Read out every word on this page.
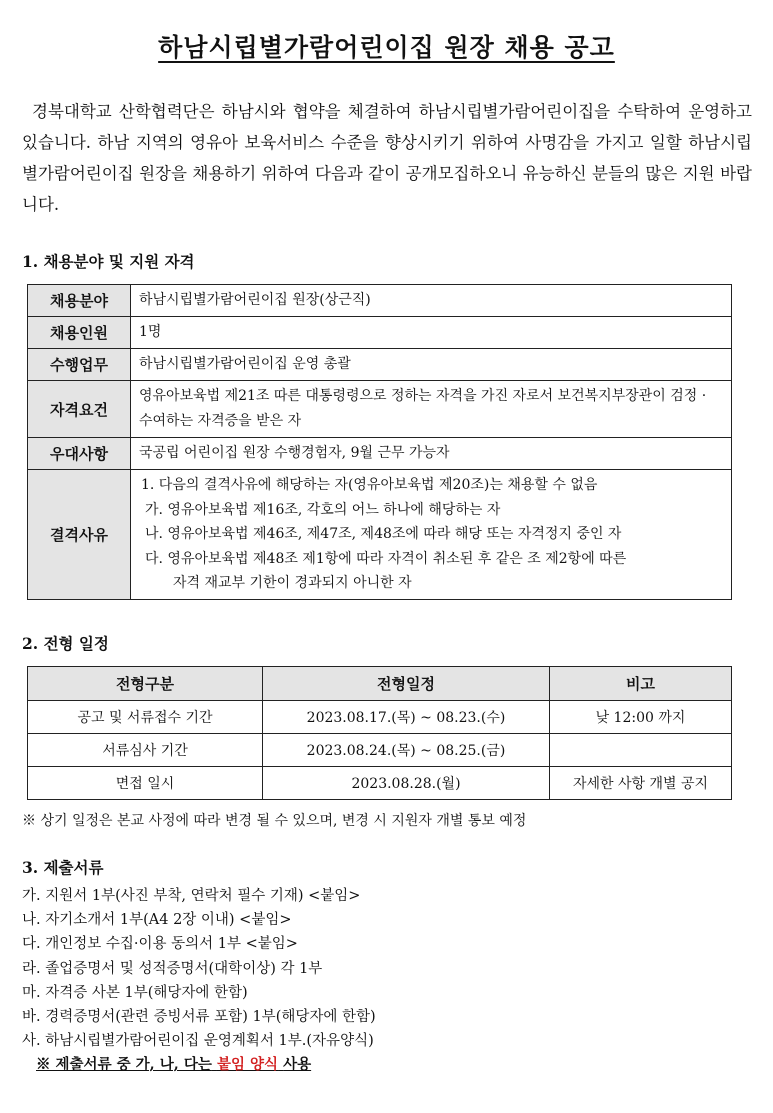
하남시립별가람어린이집 원장 채용 공고
경북대학교 산학협력단은 하남시와 협약을 체결하여 하남시립별가람어린이집을 수탁하여 운영하고 있습니다. 하남 지역의 영유아 보육서비스 수준을 향상시키기 위하여 사명감을 가지고 일할 하남시립별가람어린이집 원장을 채용하기 위하여 다음과 같이 공개모집하오니 유능하신 분들의 많은 지원 바랍니다.
1. 채용분야 및 지원 자격
채용분야	하남시립별가람어린이집 원장(상근직)
채용인원	1명
수행업무	하남시립별가람어린이집 운영 총괄
자격요건	영유아보육법 제21조 따른 대통령령으로 정하는 자격을 가진 자로서 보건복지부장관이 검정 · 수여하는 자격증을 받은 자
우대사항	국공립 어린이집 원장 수행경험자, 9월 근무 가능자
결격사유	1. 다음의 결격사유에 해당하는 자(영유아보육법 제20조)는 채용할 수 없음
가. 영유아보육법 제16조, 각호의 어느 하나에 해당하는 자
나. 영유아보육법 제46조, 제47조, 제48조에 따라 해당 또는 자격정지 중인 자
다. 영유아보육법 제48조 제1항에 따라 자격이 취소된 후 같은 조 제2항에 따른
자격 재교부 기한이 경과되지 아니한 자
2. 전형 일정
전형구분	전형일정	비고
공고 및 서류접수 기간	2023.08.17.(목) ~ 08.23.(수)	낮 12:00 까지
서류심사 기간	2023.08.24.(목) ~ 08.25.(금)	
면접 일시	2023.08.28.(월)	자세한 사항 개별 공지
※ 상기 일정은 본교 사정에 따라 변경 될 수 있으며, 변경 시 지원자 개별 통보 예정
3. 제출서류
가. 지원서 1부(사진 부착, 연락처 필수 기재) <붙임>
나. 자기소개서 1부(A4 2장 이내) <붙임>
다. 개인정보 수집·이용 동의서 1부 <붙임>
라. 졸업증명서 및 성적증명서(대학이상) 각 1부
마. 자격증 사본 1부(해당자에 한함)
바. 경력증명서(관련 증빙서류 포함) 1부(해당자에 한함)
사. 하남시립별가람어린이집 운영계획서 1부.(자유양식)
※ 제출서류 중 가, 나, 다는 붙임 양식 사용
